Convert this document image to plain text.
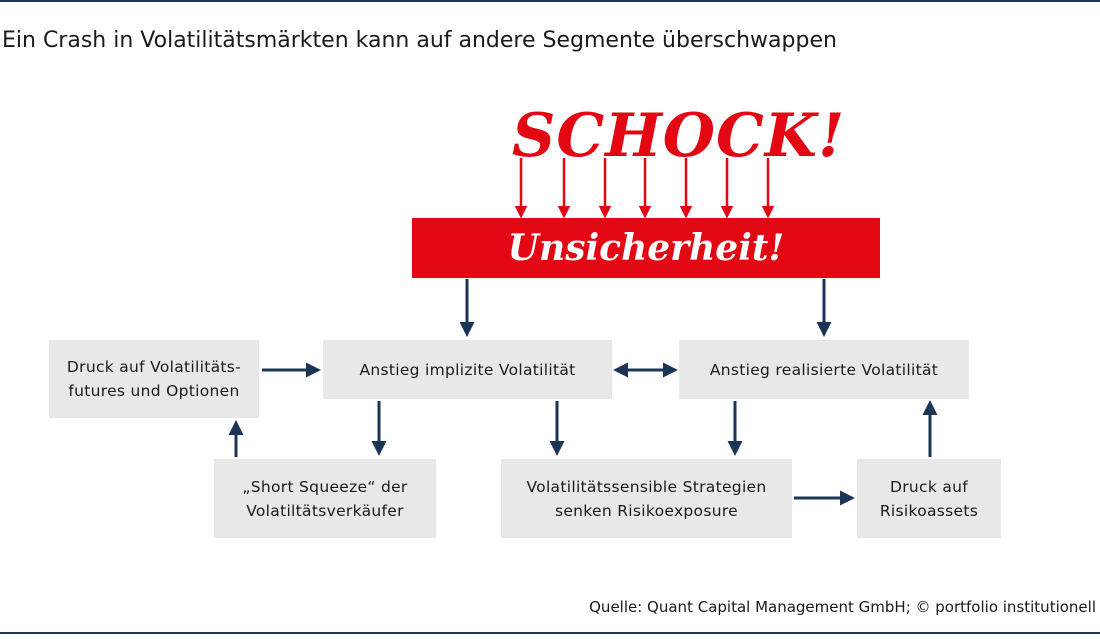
Ein Crash in Volatilitätsmärkten kann auf andere Segmente überschwappen
SCHOCK!
Unsicherheit!
Druck auf Volatilitäts-
futures und Optionen
Anstieg implizite Volatilität	Anstieg realisierte Volatilität
„Short Squeeze“ der
Volatiltätsverkäufer
Volatilitätssensible Strategien
senken Risikoexposure
Druck auf
Risikoassets
Quelle: Quant Capital Management GmbH; © portfolio institutionell
